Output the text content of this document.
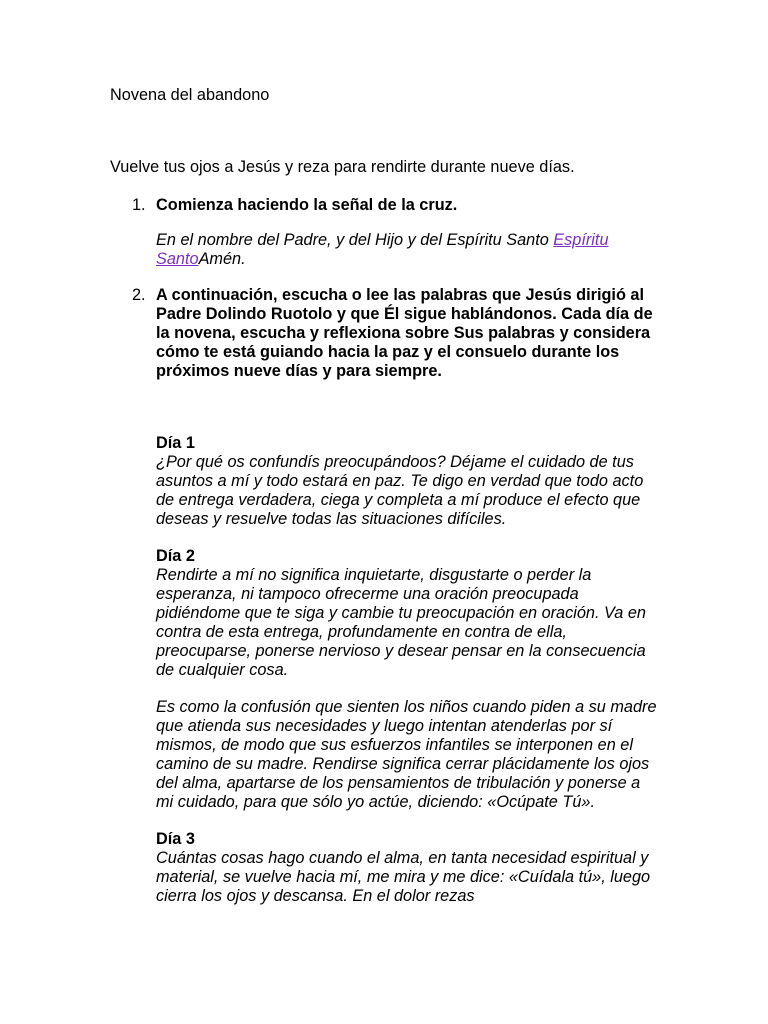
Novena del abandono

Vuelve tus ojos a Jesús y reza para rendirte durante nueve días.

1. Comienza haciendo la señal de la cruz.

En el nombre del Padre, y del Hijo y del Espíritu Santo Espíritu SantoAmén.

2. A continuación, escucha o lee las palabras que Jesús dirigió al Padre Dolindo Ruotolo y que Él sigue hablándonos. Cada día de la novena, escucha y reflexiona sobre Sus palabras y considera cómo te está guiando hacia la paz y el consuelo durante los próximos nueve días y para siempre.

Día 1

¿Por qué os confundís preocupándoos? Déjame el cuidado de tus asuntos a mí y todo estará en paz. Te digo en verdad que todo acto de entrega verdadera, ciega y completa a mí produce el efecto que deseas y resuelve todas las situaciones difíciles.

Día 2

Rendirte a mí no significa inquietarte, disgustarte o perder la esperanza, ni tampoco ofrecerme una oración preocupada pidiéndome que te siga y cambie tu preocupación en oración. Va en contra de esta entrega, profundamente en contra de ella, preocuparse, ponerse nervioso y desear pensar en la consecuencia de cualquier cosa.

Es como la confusión que sienten los niños cuando piden a su madre que atienda sus necesidades y luego intentan atenderlas por sí mismos, de modo que sus esfuerzos infantiles se interponen en el camino de su madre. Rendirse significa cerrar plácidamente los ojos del alma, apartarse de los pensamientos de tribulación y ponerse a mi cuidado, para que sólo yo actúe, diciendo: «Ocúpate Tú».

Día 3

Cuántas cosas hago cuando el alma, en tanta necesidad espiritual y material, se vuelve hacia mí, me mira y me dice: «Cuídala tú», luego cierra los ojos y descansa. En el dolor rezas
